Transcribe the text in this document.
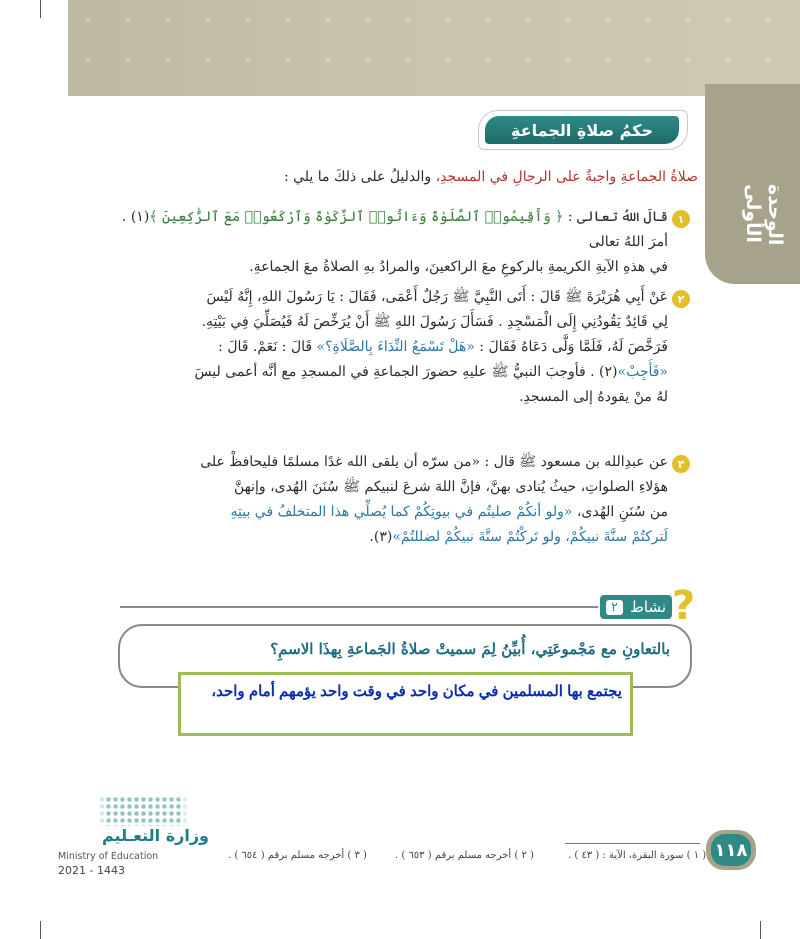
الوحدة الأولى
حكمُ صلاةِ الجماعةِ
صلاةُ الجماعةِ واجبةٌ على الرجالِ في المسجدِ، والدليلُ على ذلكَ ما يلي :
١
قالَ اللهُ تعالى : ﴿ وَأَقِيمُوا۟ ٱلصَّلَوٰةَ وَءَاتُوا۟ ٱلزَّكَوٰةَ وَٱرْكَعُوا۟ مَعَ ٱلرَّٰكِعِينَ ﴾(١) . أمرَ اللهُ تعالى
في هذهِ الآيةِ الكريمةِ بالركوعِ معَ الراكعينَ، والمرادُ بهِ الصلاةُ معَ الجماعةِ.
٢
عَنْ أَبِي هُرَيْرَةَ ﷺ قَالَ : أَتَى النَّبِيَّ ﷺ رَجُلٌ أَعْمَى، فَقَالَ : يَا رَسُولَ اللهِ، إِنَّهُ لَيْسَ
لِي قَائِدٌ يَقُودُنِي إِلَى الْمَسْجِدِ . فَسَأَلَ رَسُولَ اللهِ ﷺ أَنْ يُرَخِّصَ لَهُ فَيُصَلِّيَ فِي بَيْتِهِ.
فَرَخَّصَ لَهُ، فَلَمَّا وَلَّى دَعَاهُ فَقَالَ : «هَلْ تَسْمَعُ النِّدَاءَ بِالصَّلَاةِ؟» قَالَ : نَعَمْ. قَالَ :
«فَأَجِبْ»(٢) . فأوجبَ النبيُّ ﷺ عليهِ حضورَ الجماعةِ في المسجدِ مع أنَّه أعمى ليسَ
لهُ منْ يقودهُ إلى المسجدِ.
٣
عن عبدِالله بن مسعود ﷺ قال : «من سرّه أن يلقى الله غدًا مسلمًا فليحافظْ على
هؤلاءِ الصلواتِ، حيثُ يُنادى بهنَّ، فإنَّ اللهَ شرعَ لنبيكم ﷺ سُنَنَ الهُدى، وإنهنَّ
من سُنَنِ الهُدى، «ولو أنكُمْ صليتُم في بيوتِكُمْ كما يُصلِّي هذا المتخلفُ في بيتِهِ
لَتركتُمْ سنَّةَ نبيكُمْ، ولو تَركْتُمْ سنَّةَ نبيكُمْ لضللتُمْ»(٣).
نشاط
٢ ?
بالتعاونِ مع مَجْموعَتِي، أُبيِّنُ لِمَ سميتْ صلاةُ الجَماعةِ بِهذَا الاسمِ؟
يجتمع بها المسلمين في مكان واحد في وقت واحد يؤمهم أمام واحد،
وزارة التعـليم
Ministry of Education
2021 - 1443
١١٨
( ١ ) سورة البقرة، الآية : ( ٤٣ ) .
( ٢ ) أخرجه مسلم برقم ( ٦٥٣ ) .
( ٣ ) أخرجه مسلم برقم ( ٦٥٤ ) .
